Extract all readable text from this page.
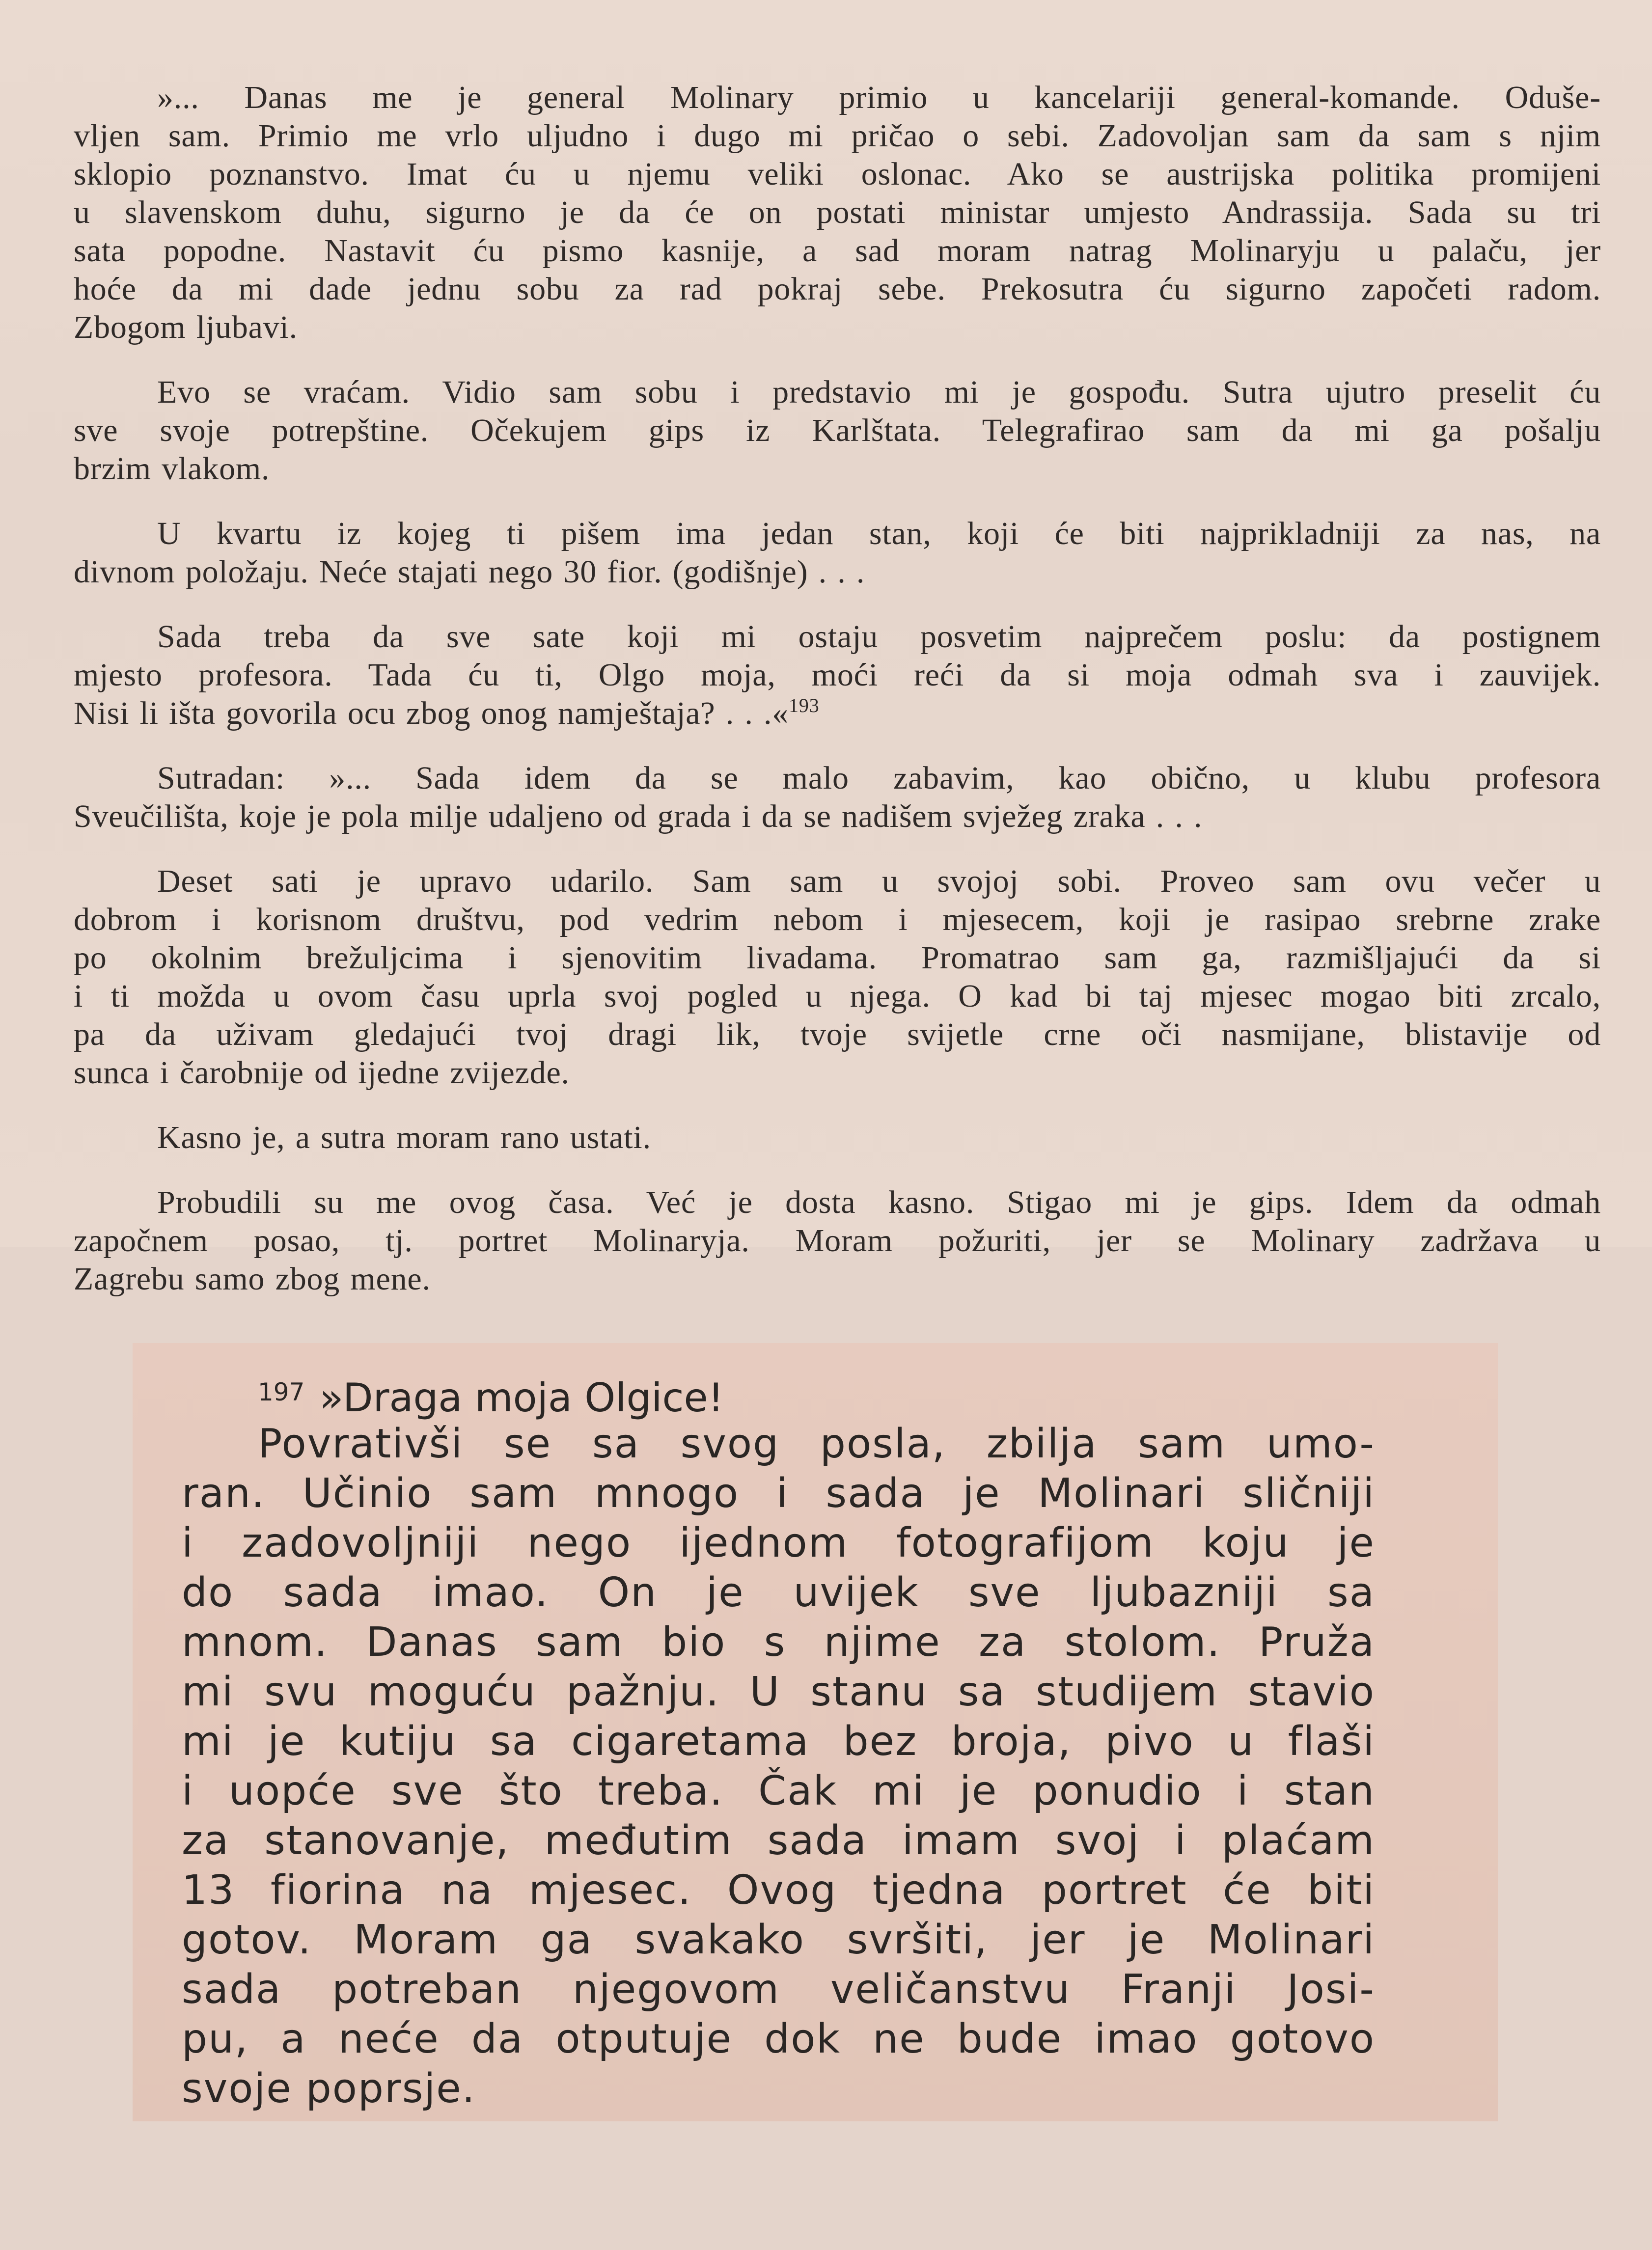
»... Danas me je general Molinary primio u kancelariji general-komande. Oduše-
vljen sam. Primio me vrlo uljudno i dugo mi pričao o sebi. Zadovoljan sam da sam s njim
sklopio poznanstvo. Imat ću u njemu veliki oslonac. Ako se austrijska politika promijeni
u slavenskom duhu, sigurno je da će on postati ministar umjesto Andrassija. Sada su tri
sata popodne. Nastavit ću pismo kasnije, a sad moram natrag Molinaryju u palaču, jer
hoće da mi dade jednu sobu za rad pokraj sebe. Prekosutra ću sigurno započeti radom.
Zbogom ljubavi.
Evo se vraćam. Vidio sam sobu i predstavio mi je gospođu. Sutra ujutro preselit ću
sve svoje potrepštine. Očekujem gips iz Karlštata. Telegrafirao sam da mi ga pošalju
brzim vlakom.
U kvartu iz kojeg ti pišem ima jedan stan, koji će biti najprikladniji za nas, na
divnom položaju. Neće stajati nego 30 fior. (godišnje) . . .
Sada treba da sve sate koji mi ostaju posvetim najprečem poslu: da postignem
mjesto profesora. Tada ću ti, Olgo moja, moći reći da si moja odmah sva i zauvijek.
Nisi li išta govorila ocu zbog onog namještaja? . . .«$^{193}$
Sutradan: »... Sada idem da se malo zabavim, kao obično, u klubu profesora
Sveučilišta, koje je pola milje udaljeno od grada i da se nadišem svježeg zraka . . .
Deset sati je upravo udarilo. Sam sam u svojoj sobi. Proveo sam ovu večer u
dobrom i korisnom društvu, pod vedrim nebom i mjesecem, koji je rasipao srebrne zrake
po okolnim brežuljcima i sjenovitim livadama. Promatrao sam ga, razmišljajući da si
i ti možda u ovom času uprla svoj pogled u njega. O kad bi taj mjesec mogao biti zrcalo,
pa da uživam gledajući tvoj dragi lik, tvoje svijetle crne oči nasmijane, blistavije od
sunca i čarobnije od ijedne zvijezde.
Kasno je, a sutra moram rano ustati.
Probudili su me ovog časa. Već je dosta kasno. Stigao mi je gips. Idem da odmah
započnem posao, tj. portret Molinaryja. Moram požuriti, jer se Molinary zadržava u
Zagrebu samo zbog mene.
$^{197}$ »Draga moja Olgice!
Povrativši se sa svog posla, zbilja sam umo-
ran. Učinio sam mnogo i sada je Molinari sličniji
i zadovoljniji nego ijednom fotografijom koju je
do sada imao. On je uvijek sve ljubazniji sa
mnom. Danas sam bio s njime za stolom. Pruža
mi svu moguću pažnju. U stanu sa studijem stavio
mi je kutiju sa cigaretama bez broja, pivo u flaši
i uopće sve što treba. Čak mi je ponudio i stan
za stanovanje, međutim sada imam svoj i plaćam
13 fiorina na mjesec. Ovog tjedna portret će biti
gotov. Moram ga svakako svršiti, jer je Molinari
sada potreban njegovom veličanstvu Franji Josi-
pu, a neće da otputuje dok ne bude imao gotovo
svoje poprsje.
